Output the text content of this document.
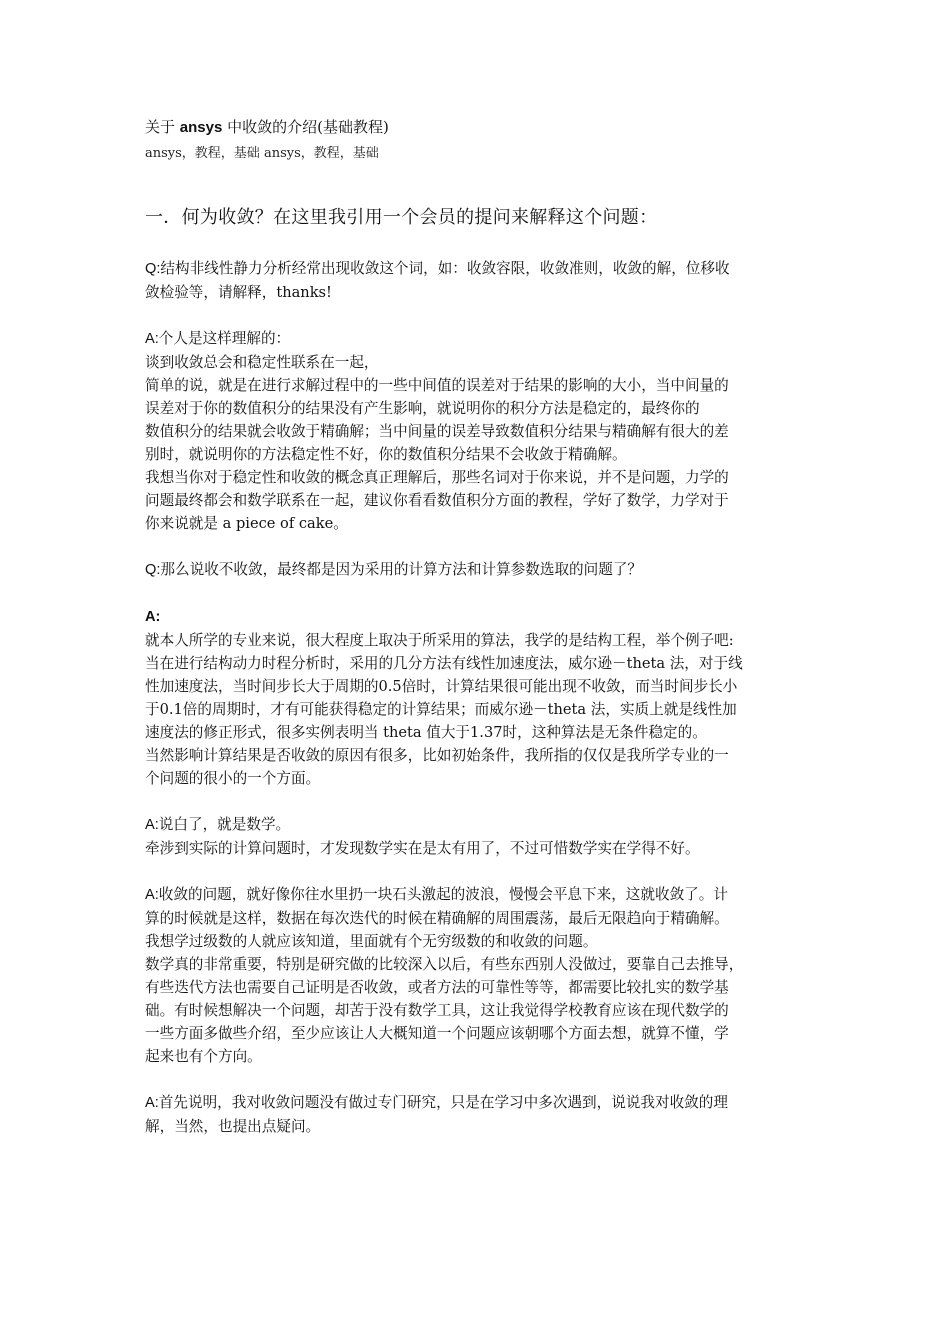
关于 ansys 中收敛的介绍(基础教程)

ansys，教程，基础 ansys，教程，基础

一．何为收敛？在这里我引用一个会员的提问来解释这个问题：

Q:结构非线性静力分析经常出现收敛这个词，如：收敛容限，收敛准则，收敛的解，位移收

敛检验等，请解释，thanks!

A:个人是这样理解的：

谈到收敛总会和稳定性联系在一起，

简单的说，就是在进行求解过程中的一些中间值的误差对于结果的影响的大小，当中间量的

误差对于你的数值积分的结果没有产生影响，就说明你的积分方法是稳定的，最终你的

数值积分的结果就会收敛于精确解；当中间量的误差导致数值积分结果与精确解有很大的差

别时，就说明你的方法稳定性不好，你的数值积分结果不会收敛于精确解。

我想当你对于稳定性和收敛的概念真正理解后，那些名词对于你来说，并不是问题，力学的

问题最终都会和数学联系在一起，建议你看看数值积分方面的教程，学好了数学，力学对于

你来说就是 a piece of cake。

Q:那么说收不收敛，最终都是因为采用的计算方法和计算参数选取的问题了？

A:

就本人所学的专业来说，很大程度上取决于所采用的算法，我学的是结构工程，举个例子吧:

当在进行结构动力时程分析时，采用的几分方法有线性加速度法，威尔逊－theta 法，对于线

性加速度法，当时间步长大于周期的0.5倍时，计算结果很可能出现不收敛，而当时间步长小

于0.1倍的周期时，才有可能获得稳定的计算结果；而威尔逊－theta 法，实质上就是线性加

速度法的修正形式，很多实例表明当 theta 值大于1.37时，这种算法是无条件稳定的。

当然影响计算结果是否收敛的原因有很多，比如初始条件，我所指的仅仅是我所学专业的一

个问题的很小的一个方面。

A:说白了，就是数学。

牵涉到实际的计算问题时，才发现数学实在是太有用了，不过可惜数学实在学得不好。

A:收敛的问题，就好像你往水里扔一块石头激起的波浪，慢慢会平息下来，这就收敛了。计

算的时候就是这样，数据在每次迭代的时候在精确解的周围震荡，最后无限趋向于精确解。

我想学过级数的人就应该知道，里面就有个无穷级数的和收敛的问题。

数学真的非常重要，特别是研究做的比较深入以后，有些东西别人没做过，要靠自己去推导，

有些迭代方法也需要自己证明是否收敛，或者方法的可靠性等等，都需要比较扎实的数学基

础。有时候想解决一个问题，却苦于没有数学工具，这让我觉得学校教育应该在现代数学的

一些方面多做些介绍，至少应该让人大概知道一个问题应该朝哪个方面去想，就算不懂，学

起来也有个方向。

A:首先说明，我对收敛问题没有做过专门研究，只是在学习中多次遇到，说说我对收敛的理

解，当然，也提出点疑问。
